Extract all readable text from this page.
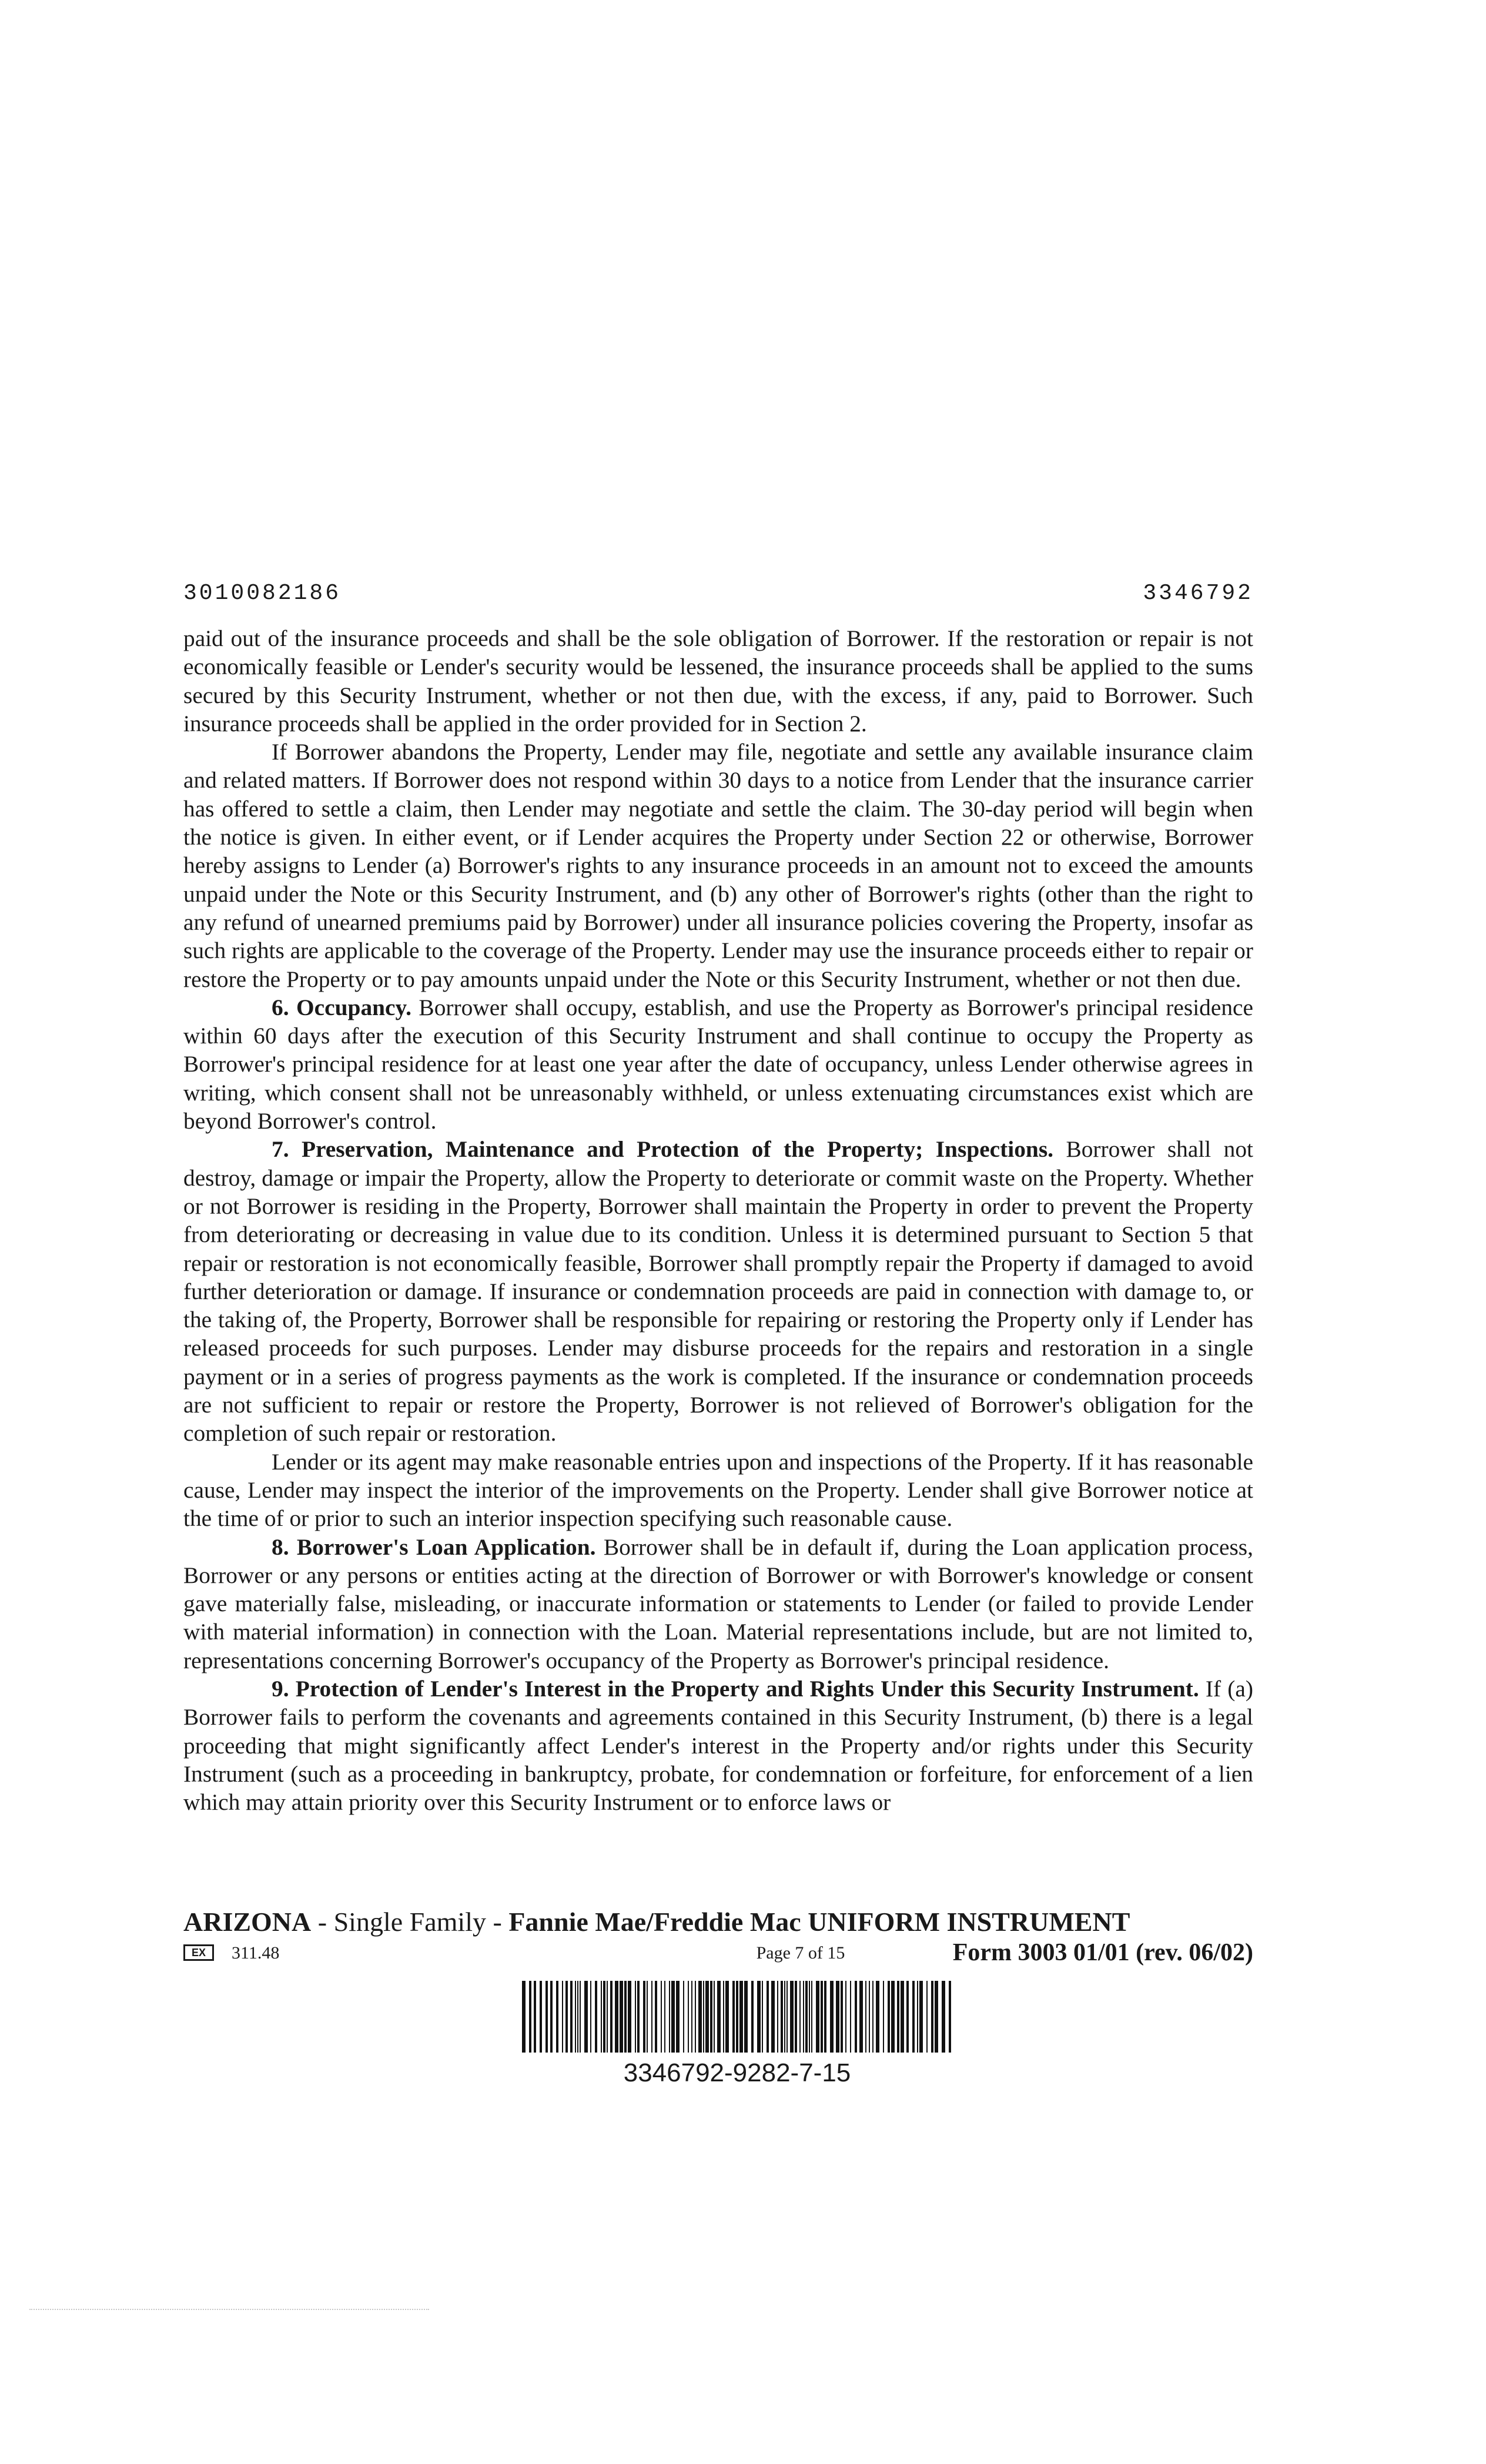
3010082186	3346792

paid out of the insurance proceeds and shall be the sole obligation of Borrower. If the restoration or repair is not economically feasible or Lender's security would be lessened, the insurance proceeds shall be applied to the sums secured by this Security Instrument, whether or not then due, with the excess, if any, paid to Borrower. Such insurance proceeds shall be applied in the order provided for in Section 2.

If Borrower abandons the Property, Lender may file, negotiate and settle any available insurance claim and related matters. If Borrower does not respond within 30 days to a notice from Lender that the insurance carrier has offered to settle a claim, then Lender may negotiate and settle the claim. The 30-day period will begin when the notice is given. In either event, or if Lender acquires the Property under Section 22 or otherwise, Borrower hereby assigns to Lender (a) Borrower's rights to any insurance proceeds in an amount not to exceed the amounts unpaid under the Note or this Security Instrument, and (b) any other of Borrower's rights (other than the right to any refund of unearned premiums paid by Borrower) under all insurance policies covering the Property, insofar as such rights are applicable to the coverage of the Property. Lender may use the insurance proceeds either to repair or restore the Property or to pay amounts unpaid under the Note or this Security Instrument, whether or not then due.

6. Occupancy. Borrower shall occupy, establish, and use the Property as Borrower's principal residence within 60 days after the execution of this Security Instrument and shall continue to occupy the Property as Borrower's principal residence for at least one year after the date of occupancy, unless Lender otherwise agrees in writing, which consent shall not be unreasonably withheld, or unless extenuating circumstances exist which are beyond Borrower's control.

7. Preservation, Maintenance and Protection of the Property; Inspections. Borrower shall not destroy, damage or impair the Property, allow the Property to deteriorate or commit waste on the Property. Whether or not Borrower is residing in the Property, Borrower shall maintain the Property in order to prevent the Property from deteriorating or decreasing in value due to its condition. Unless it is determined pursuant to Section 5 that repair or restoration is not economically feasible, Borrower shall promptly repair the Property if damaged to avoid further deterioration or damage. If insurance or condemnation proceeds are paid in connection with damage to, or the taking of, the Property, Borrower shall be responsible for repairing or restoring the Property only if Lender has released proceeds for such purposes. Lender may disburse proceeds for the repairs and restoration in a single payment or in a series of progress payments as the work is completed. If the insurance or condemnation proceeds are not sufficient to repair or restore the Property, Borrower is not relieved of Borrower's obligation for the completion of such repair or restoration.

Lender or its agent may make reasonable entries upon and inspections of the Property. If it has reasonable cause, Lender may inspect the interior of the improvements on the Property. Lender shall give Borrower notice at the time of or prior to such an interior inspection specifying such reasonable cause.

8. Borrower's Loan Application. Borrower shall be in default if, during the Loan application process, Borrower or any persons or entities acting at the direction of Borrower or with Borrower's knowledge or consent gave materially false, misleading, or inaccurate information or statements to Lender (or failed to provide Lender with material information) in connection with the Loan. Material representations include, but are not limited to, representations concerning Borrower's occupancy of the Property as Borrower's principal residence.

9. Protection of Lender's Interest in the Property and Rights Under this Security Instrument. If (a) Borrower fails to perform the covenants and agreements contained in this Security Instrument, (b) there is a legal proceeding that might significantly affect Lender's interest in the Property and/or rights under this Security Instrument (such as a proceeding in bankruptcy, probate, for condemnation or forfeiture, for enforcement of a lien which may attain priority over this Security Instrument or to enforce laws or

ARIZONA - Single Family - Fannie Mae/Freddie Mac UNIFORM INSTRUMENT
EX	311.48	Page 7 of 15	Form 3003 01/01 (rev. 06/02)
3346792-9282-7-15
